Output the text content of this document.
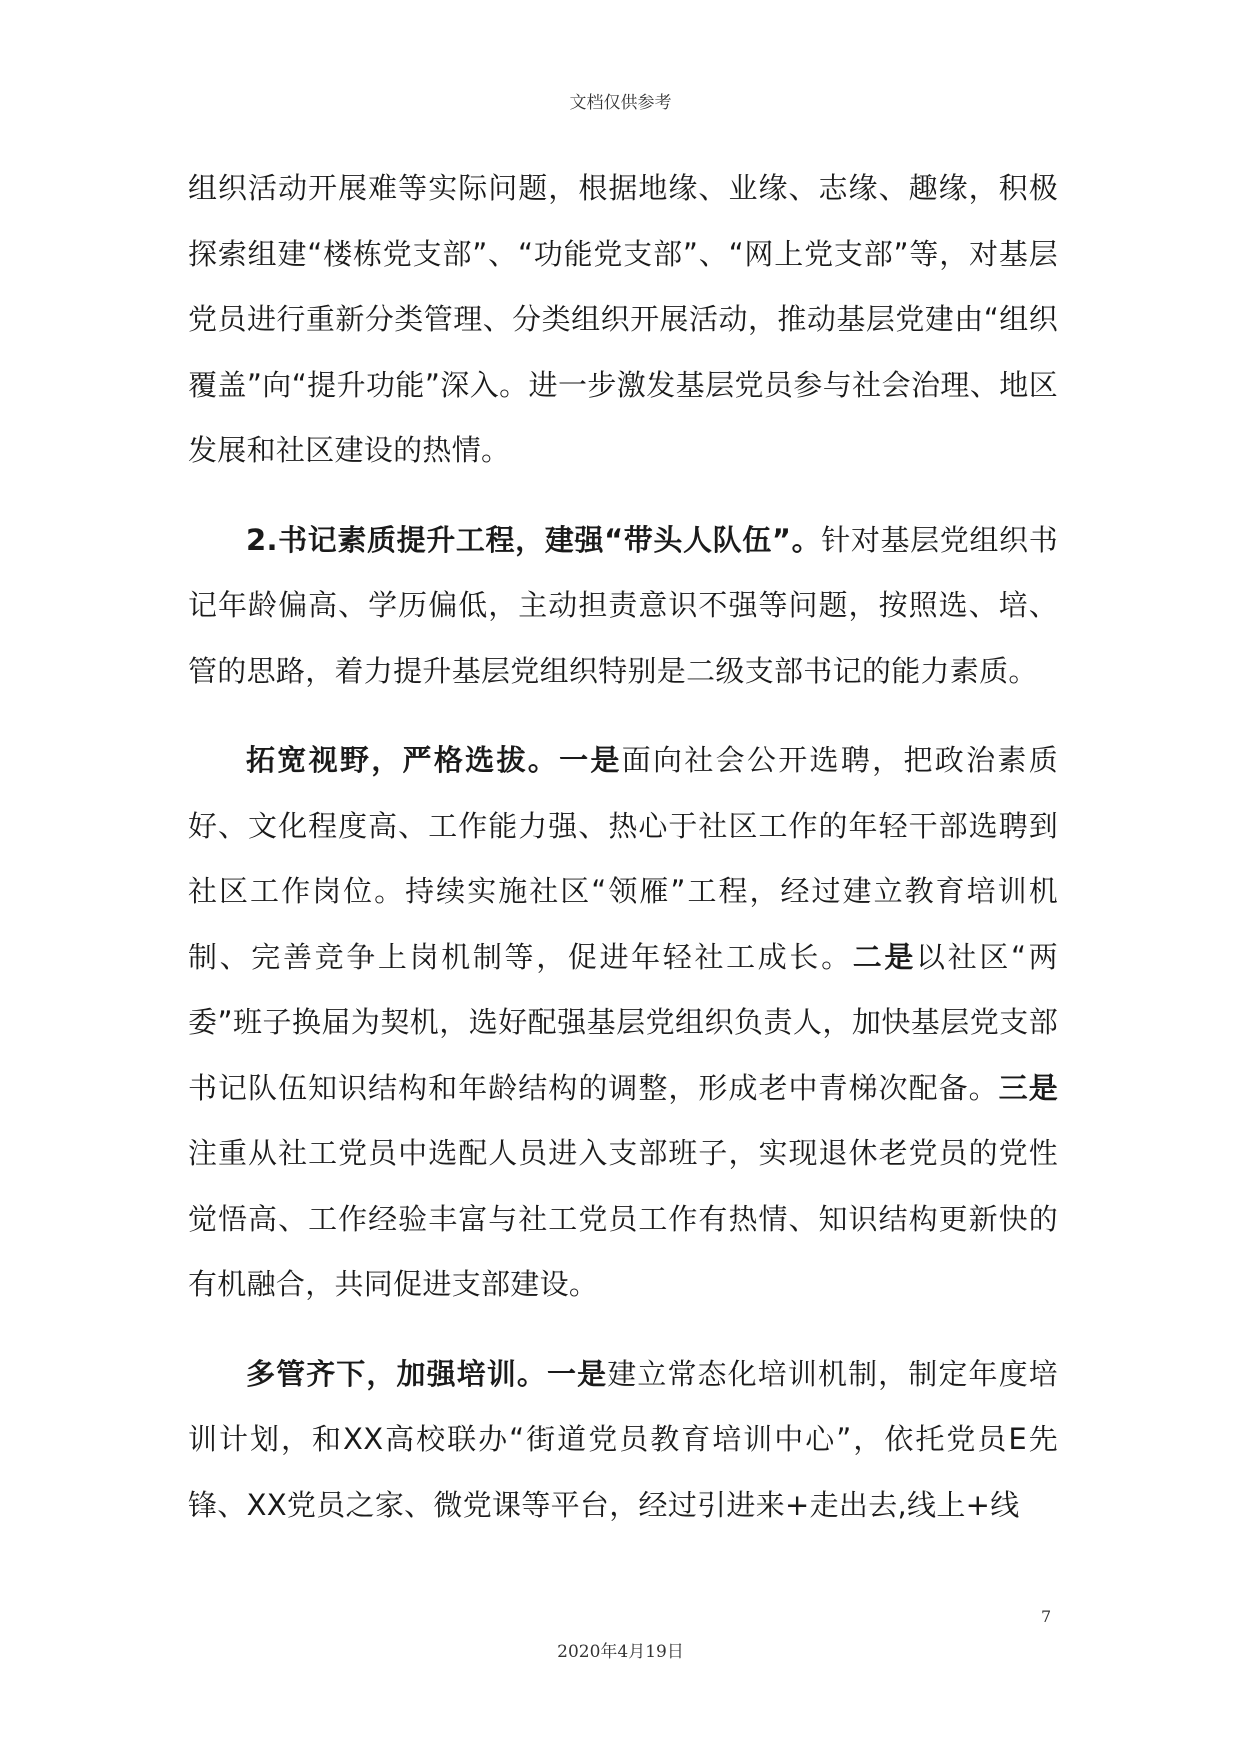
文档仅供参考

组织活动开展难等实际问题，根据地缘、业缘、志缘、趣缘，积极探索组建“楼栋党支部”、“功能党支部”、“网上党支部”等，对基层党员进行重新分类管理、分类组织开展活动，推动基层党建由“组织覆盖”向“提升功能”深入。进一步激发基层党员参与社会治理、地区发展和社区建设的热情。

2.书记素质提升工程，建强“带头人队伍”。针对基层党组织书记年龄偏高、学历偏低，主动担责意识不强等问题，按照选、培、管的思路，着力提升基层党组织特别是二级支部书记的能力素质。

拓宽视野，严格选拔。一是面向社会公开选聘，把政治素质好、文化程度高、工作能力强、热心于社区工作的年轻干部选聘到社区工作岗位。持续实施社区“领雁”工程，经过建立教育培训机制、完善竞争上岗机制等，促进年轻社工成长。二是以社区“两委”班子换届为契机，选好配强基层党组织负责人，加快基层党支部书记队伍知识结构和年龄结构的调整，形成老中青梯次配备。三是注重从社工党员中选配人员进入支部班子，实现退休老党员的党性觉悟高、工作经验丰富与社工党员工作有热情、知识结构更新快的有机融合，共同促进支部建设。

多管齐下，加强培训。一是建立常态化培训机制，制定年度培训计划，和XX高校联办“街道党员教育培训中心”，依托党员E先锋、XX党员之家、微党课等平台，经过引进来+走出去,线上+线

7
2020年4月19日
